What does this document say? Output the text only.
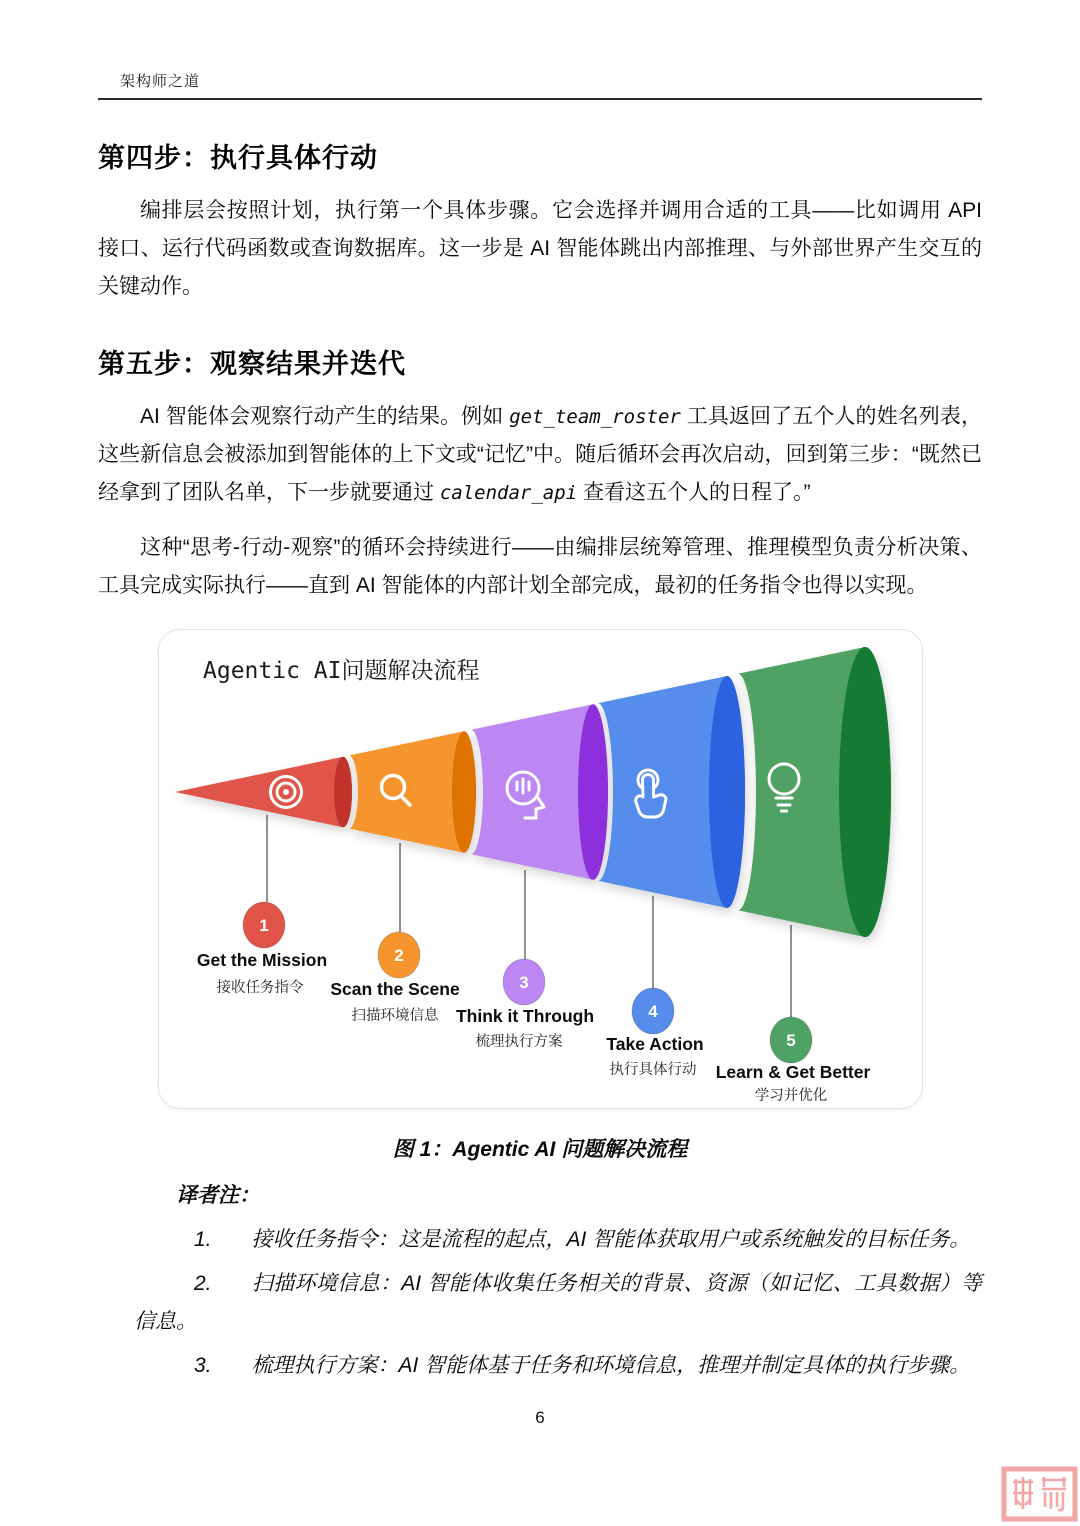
架构师之道
第四步：执行具体行动

编排层会按照计划，执行第一个具体步骤。它会选择并调用合适的工具——比如调用 API 接口、运行代码函数或查询数据库。这一步是 AI 智能体跳出内部推理、与外部世界产生交互的关键动作。

第五步：观察结果并迭代

AI 智能体会观察行动产生的结果。例如 get_team_roster 工具返回了五个人的姓名列表，这些新信息会被添加到智能体的上下文或“记忆”中。随后循环会再次启动，回到第三步：“既然已经拿到了团队名单，下一步就要通过 calendar_api 查看这五个人的日程了。”

这种“思考-行动-观察”的循环会持续进行——由编排层统筹管理、推理模型负责分析决策、工具完成实际执行——直到 AI 智能体的内部计划全部完成，最初的任务指令也得以实现。

Agentic AI问题解决流程
1
Get the Mission
接收任务指令
2
Scan the Scene
扫描环境信息
3
Think it Through
梳理执行方案
4
Take Action
执行具体行动
5
Learn & Get Better
学习并优化

图 1：Agentic AI 问题解决流程

译者注：

1. 接收任务指令：这是流程的起点，AI 智能体获取用户或系统触发的目标任务。

2. 扫描环境信息：AI 智能体收集任务相关的背景、资源（如记忆、工具数据）等信息。

3. 梳理执行方案：AI 智能体基于任务和环境信息，推理并制定具体的执行步骤。

6
